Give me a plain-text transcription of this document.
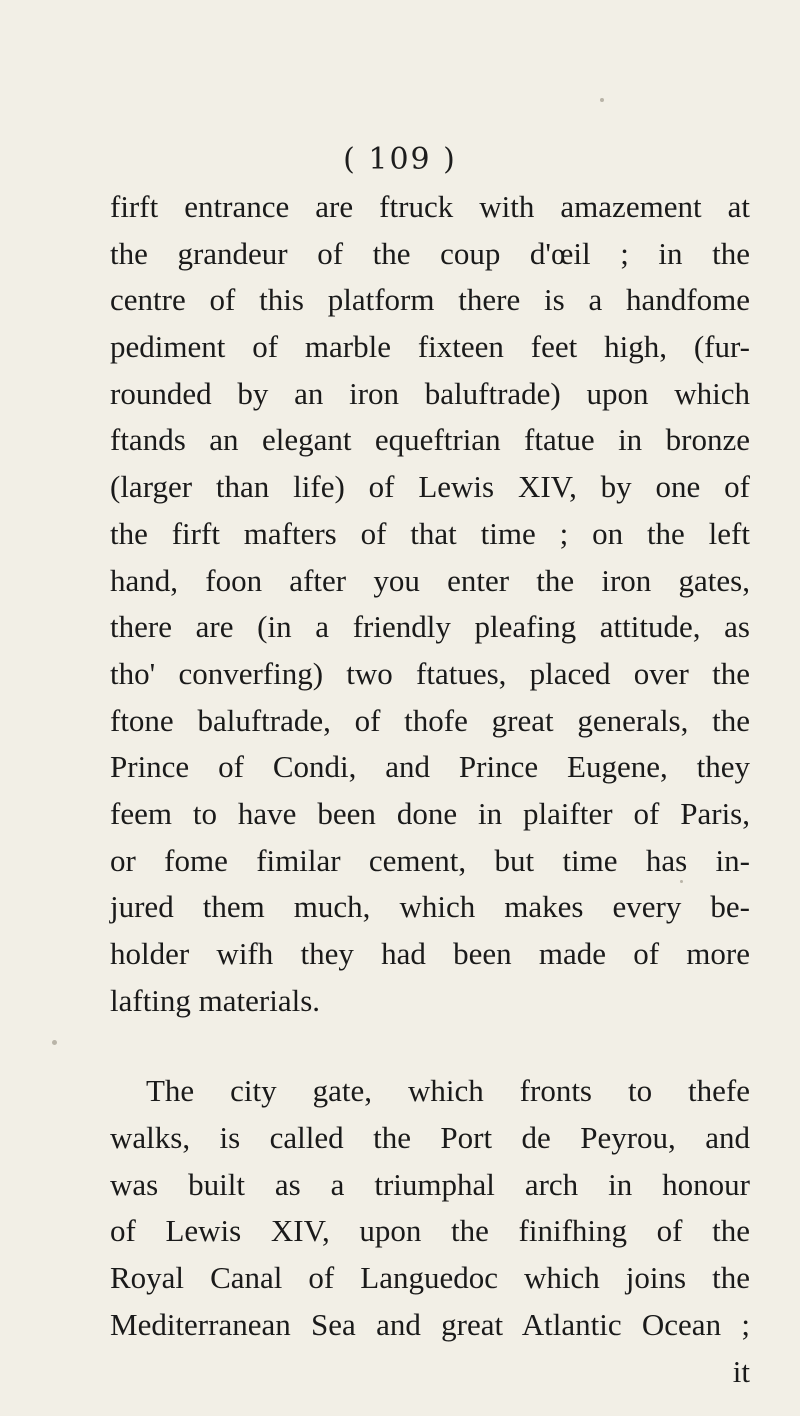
( 109 )
firft entrance are ftruck with amazement at
the grandeur of the coup d'œil ; in the
centre of this platform there is a handfome
pediment of marble fixteen feet high, (fur-
rounded by an iron baluftrade) upon which
ftands an elegant equeftrian ftatue in bronze
(larger than life) of Lewis XIV, by one of
the firft mafters of that time ; on the left
hand, foon after you enter the iron gates,
there are (in a friendly pleafing attitude, as
tho' converfing) two ftatues, placed over the
ftone baluftrade, of thofe great generals, the
Prince of Condi, and Prince Eugene, they
feem to have been done in plaifter of Paris,
or fome fimilar cement, but time has in-
jured them much, which makes every be-
holder wifh they had been made of more
lafting materials.
The city gate, which fronts to thefe
walks, is called the Port de Peyrou, and
was built as a triumphal arch in honour
of Lewis XIV, upon the finifhing of the
Royal Canal of Languedoc which joins the
Mediterranean Sea and great Atlantic Ocean ;
it
